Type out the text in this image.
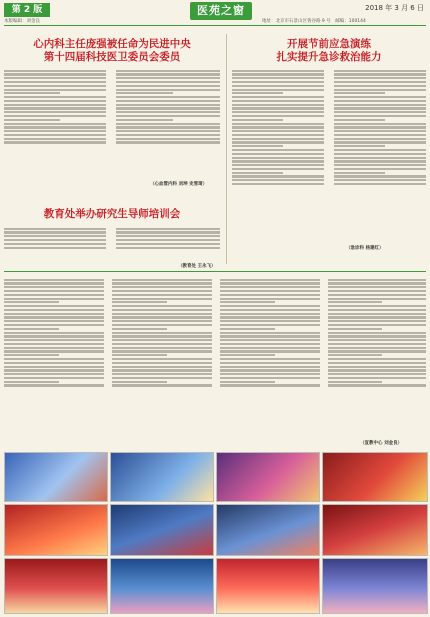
第 2 版	医苑之窗	2018 年 3 月 6 日
本版编辑：刘金良	地址：北京市石景山区鲁谷路 9 号　邮编：100144
心内科主任庞强被任命为民进中央
第十四届科技医卫委员会委员
（心血管内科 刘坤 史雪琦）
开展节前应急演练
扎实提升急诊救治能力
（急诊科 杨建红）
教育处举办研究生导师培训会
（教育处 王永飞）
（宣教中心 刘金良）
